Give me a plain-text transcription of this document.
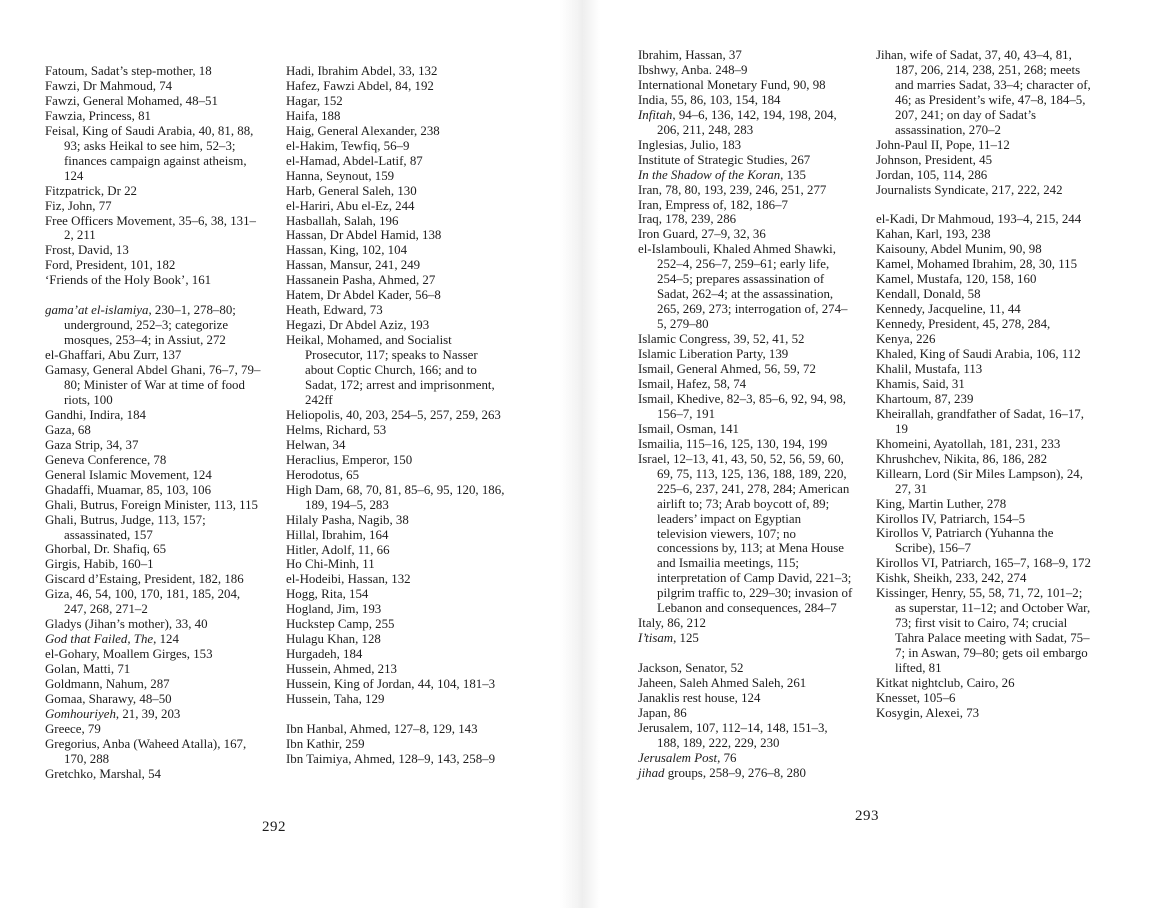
Fatoum, Sadat’s step-mother, 18

Fawzi, Dr Mahmoud, 74

Fawzi, General Mohamed, 48–51

Fawzia, Princess, 81

Feisal, King of Saudi Arabia, 40, 81, 88, 93; asks Heikal to see him, 52–3; finances campaign against atheism, 124

Fitzpatrick, Dr 22

Fiz, John, 77

Free Officers Movement, 35–6, 38, 131–2, 211

Frost, David, 13

Ford, President, 101, 182

‘Friends of the Holy Book’, 161

gama’at el-islamiya, 230–1, 278–80; underground, 252–3; categorize mosques, 253–4; in Assiut, 272

el-Ghaffari, Abu Zurr, 137

Gamasy, General Abdel Ghani, 76–7, 79–80; Minister of War at time of food riots, 100

Gandhi, Indira, 184

Gaza, 68

Gaza Strip, 34, 37

Geneva Conference, 78

General Islamic Movement, 124

Ghadaffi, Muamar, 85, 103, 106

Ghali, Butrus, Foreign Minister, 113, 115

Ghali, Butrus, Judge, 113, 157; assassinated, 157

Ghorbal, Dr. Shafiq, 65

Girgis, Habib, 160–1

Giscard d’Estaing, President, 182, 186

Giza, 46, 54, 100, 170, 181, 185, 204, 247, 268, 271–2

Gladys (Jihan’s mother), 33, 40

God that Failed, The, 124

el-Gohary, Moallem Girges, 153

Golan, Matti, 71

Goldmann, Nahum, 287

Gomaa, Sharawy, 48–50

Gomhouriyeh, 21, 39, 203

Greece, 79

Gregorius, Anba (Waheed Atalla), 167, 170, 288

Gretchko, Marshal, 54

Hadi, Ibrahim Abdel, 33, 132

Hafez, Fawzi Abdel, 84, 192

Hagar, 152

Haifa, 188

Haig, General Alexander, 238

el-Hakim, Tewfiq, 56–9

el-Hamad, Abdel-Latif, 87

Hanna, Seynout, 159

Harb, General Saleh, 130

el-Hariri, Abu el-Ez, 244

Hasballah, Salah, 196

Hassan, Dr Abdel Hamid, 138

Hassan, King, 102, 104

Hassan, Mansur, 241, 249

Hassanein Pasha, Ahmed, 27

Hatem, Dr Abdel Kader, 56–8

Heath, Edward, 73

Hegazi, Dr Abdel Aziz, 193

Heikal, Mohamed, and Socialist Prosecutor, 117; speaks to Nasser about Coptic Church, 166; and to Sadat, 172; arrest and imprisonment, 242ff

Heliopolis, 40, 203, 254–5, 257, 259, 263

Helms, Richard, 53

Helwan, 34

Heraclius, Emperor, 150

Herodotus, 65

High Dam, 68, 70, 81, 85–6, 95, 120, 186, 189, 194–5, 283

Hilaly Pasha, Nagib, 38

Hillal, Ibrahim, 164

Hitler, Adolf, 11, 66

Ho Chi-Minh, 11

el-Hodeibi, Hassan, 132

Hogg, Rita, 154

Hogland, Jim, 193

Huckstep Camp, 255

Hulagu Khan, 128

Hurgadeh, 184

Hussein, Ahmed, 213

Hussein, King of Jordan, 44, 104, 181–3

Hussein, Taha, 129

Ibn Hanbal, Ahmed, 127–8, 129, 143

Ibn Kathir, 259

Ibn Taimiya, Ahmed, 128–9, 143, 258–9

292

Ibrahim, Hassan, 37

Ibshwy, Anba. 248–9

International Monetary Fund, 90, 98

India, 55, 86, 103, 154, 184

Infitah, 94–6, 136, 142, 194, 198, 204, 206, 211, 248, 283

Inglesias, Julio, 183

Institute of Strategic Studies, 267

In the Shadow of the Koran, 135

Iran, 78, 80, 193, 239, 246, 251, 277

Iran, Empress of, 182, 186–7

Iraq, 178, 239, 286

Iron Guard, 27–9, 32, 36

el-Islambouli, Khaled Ahmed Shawki, 252–4, 256–7, 259–61; early life, 254–5; prepares assassination of Sadat, 262–4; at the assassination, 265, 269, 273; interrogation of, 274–5, 279–80

Islamic Congress, 39, 52, 41, 52

Islamic Liberation Party, 139

Ismail, General Ahmed, 56, 59, 72

Ismail, Hafez, 58, 74

Ismail, Khedive, 82–3, 85–6, 92, 94, 98, 156–7, 191

Ismail, Osman, 141

Ismailia, 115–16, 125, 130, 194, 199

Israel, 12–13, 41, 43, 50, 52, 56, 59, 60, 69, 75, 113, 125, 136, 188, 189, 220, 225–6, 237, 241, 278, 284; American airlift to; 73; Arab boycott of, 89; leaders’ impact on Egyptian television viewers, 107; no concessions by, 113; at Mena House and Ismailia meetings, 115; interpretation of Camp David, 221–3; pilgrim traffic to, 229–30; invasion of Lebanon and consequences, 284–7

Italy, 86, 212

I’tisam, 125

Jackson, Senator, 52

Jaheen, Saleh Ahmed Saleh, 261

Janaklis rest house, 124

Japan, 86

Jerusalem, 107, 112–14, 148, 151–3, 188, 189, 222, 229, 230

Jerusalem Post, 76

jihad groups, 258–9, 276–8, 280

Jihan, wife of Sadat, 37, 40, 43–4, 81, 187, 206, 214, 238, 251, 268; meets and marries Sadat, 33–4; character of, 46; as President’s wife, 47–8, 184–5, 207, 241; on day of Sadat’s assassination, 270–2

John-Paul II, Pope, 11–12

Johnson, President, 45

Jordan, 105, 114, 286

Journalists Syndicate, 217, 222, 242

el-Kadi, Dr Mahmoud, 193–4, 215, 244

Kahan, Karl, 193, 238

Kaisouny, Abdel Munim, 90, 98

Kamel, Mohamed Ibrahim, 28, 30, 115

Kamel, Mustafa, 120, 158, 160

Kendall, Donald, 58

Kennedy, Jacqueline, 11, 44

Kennedy, President, 45, 278, 284,

Kenya, 226

Khaled, King of Saudi Arabia, 106, 112

Khalil, Mustafa, 113

Khamis, Said, 31

Khartoum, 87, 239

Kheirallah, grandfather of Sadat, 16–17, 19

Khomeini, Ayatollah, 181, 231, 233

Khrushchev, Nikita, 86, 186, 282

Killearn, Lord (Sir Miles Lampson), 24, 27, 31

King, Martin Luther, 278

Kirollos IV, Patriarch, 154–5

Kirollos V, Patriarch (Yuhanna the Scribe), 156–7

Kirollos VI, Patriarch, 165–7, 168–9, 172

Kishk, Sheikh, 233, 242, 274

Kissinger, Henry, 55, 58, 71, 72, 101–2; as superstar, 11–12; and October War, 73; first visit to Cairo, 74; crucial Tahra Palace meeting with Sadat, 75–7; in Aswan, 79–80; gets oil embargo lifted, 81

Kitkat nightclub, Cairo, 26

Knesset, 105–6

Kosygin, Alexei, 73

293
